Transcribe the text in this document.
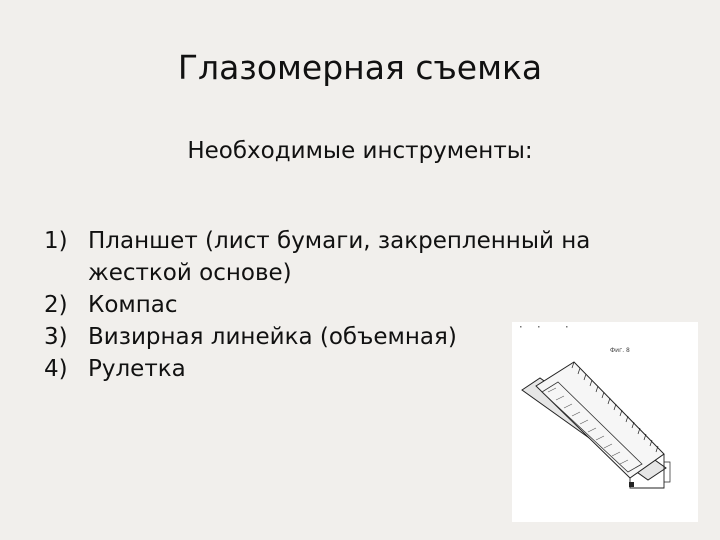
Глазомерная съемка
Необходимые инструменты:
1) Планшет (лист бумаги, закрепленный на жесткой основе)
2) Компас
3) Визирная линейка (объемная)
4) Рулетка
Фиг. 8
